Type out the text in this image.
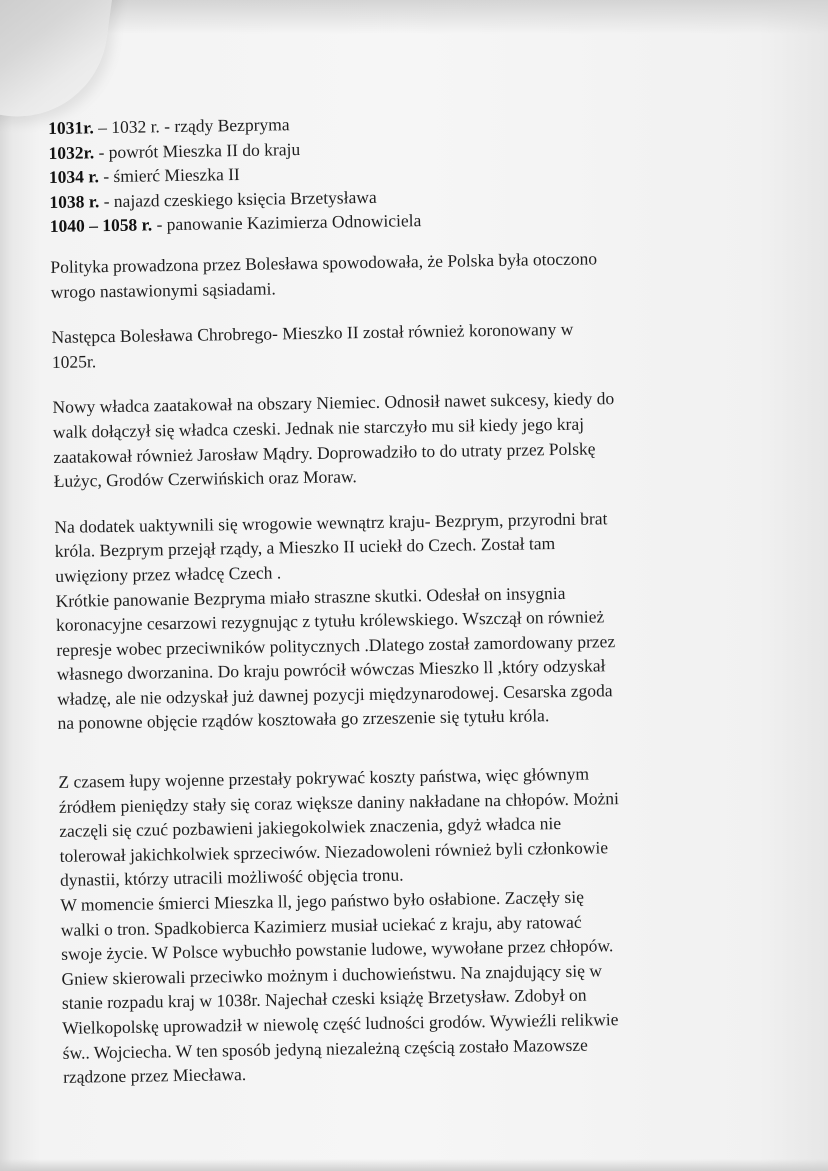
1031r. – 1032 r. - rządy Bezpryma
1032r. - powrót Mieszka II do kraju
1034 r. - śmierć Mieszka II
1038 r. - najazd czeskiego księcia Brzetysława
1040 – 1058 r. - panowanie Kazimierza Odnowiciela
Polityka prowadzona przez Bolesława spowodowała, że Polska była otoczono
wrogo nastawionymi sąsiadami.
Następca Bolesława Chrobrego- Mieszko II został również koronowany w
1025r.
Nowy władca zaatakował na obszary Niemiec. Odnosił nawet sukcesy, kiedy do
walk dołączył się władca czeski. Jednak nie starczyło mu sił kiedy jego kraj
zaatakował również Jarosław Mądry. Doprowadziło to do utraty przez Polskę
Łużyc, Grodów Czerwińskich oraz Moraw.
Na dodatek uaktywnili się wrogowie wewnątrz kraju- Bezprym, przyrodni brat
króla. Bezprym przejął rządy, a Mieszko II uciekł do Czech. Został tam
uwięziony przez władcę Czech .
Krótkie panowanie Bezpryma miało straszne skutki. Odesłał on insygnia
koronacyjne cesarzowi rezygnując z tytułu królewskiego. Wszczął on również
represje wobec przeciwników politycznych .Dlatego został zamordowany przez
własnego dworzanina. Do kraju powrócił wówczas Mieszko ll ,który odzyskał
władzę, ale nie odzyskał już dawnej pozycji międzynarodowej. Cesarska zgoda
na ponowne objęcie rządów kosztowała go zrzeszenie się tytułu króla.
Z czasem łupy wojenne przestały pokrywać koszty państwa, więc głównym
źródłem pieniędzy stały się coraz większe daniny nakładane na chłopów. Możni
zaczęli się czuć pozbawieni jakiegokolwiek znaczenia, gdyż władca nie
tolerował jakichkolwiek sprzeciwów. Niezadowoleni również byli członkowie
dynastii, którzy utracili możliwość objęcia tronu.
W momencie śmierci Mieszka ll, jego państwo było osłabione. Zaczęły się
walki o tron. Spadkobierca Kazimierz musiał uciekać z kraju, aby ratować
swoje życie. W Polsce wybuchło powstanie ludowe, wywołane przez chłopów.
Gniew skierowali przeciwko możnym i duchowieństwu. Na znajdujący się w
stanie rozpadu kraj w 1038r. Najechał czeski książę Brzetysław. Zdobył on
Wielkopolskę uprowadził w niewolę część ludności grodów. Wywieźli relikwie
św.. Wojciecha. W ten sposób jedyną niezależną częścią zostało Mazowsze
rządzone przez Miecława.
